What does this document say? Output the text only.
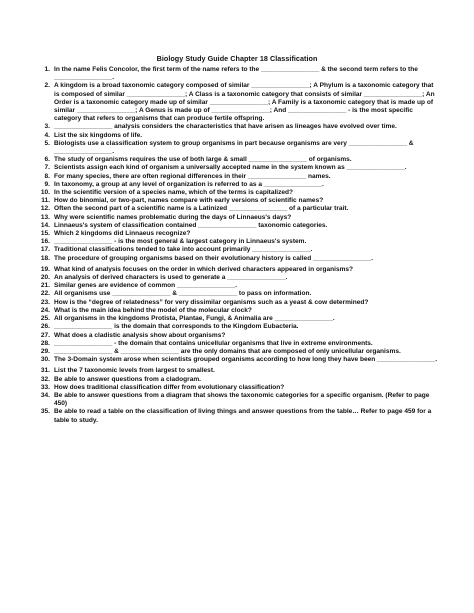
Biology Study Guide Chapter 18 Classification
1. In the name Felis Concolor, the first term of the name refers to the ________________ & the second term refers to the ________________.
2. A kingdom is a broad taxonomic category composed of similar ________________; A Phylum is a taxonomic category that is composed of similar ________________; A Class is a taxonomic category that consists of similar ________________; An Order is a taxonomic category made up of similar ________________; A Family is a taxonomic category that is made up of similar ________________; A Genus is made up of ________________; And ________________ - is the most specific category that refers to organisms that can produce fertile offspring.
3. ________________ analysis considers the characteristics that have arisen as lineages have evolved over time.
4. List the six kingdoms of life.
5. Biologists use a classification system to group organisms in part because organisms are very ________________ & ________________.
6. The study of organisms requires the use of both large & small ________________ of organisms.
7. Scientists assign each kind of organism a universally accepted name in the system known as ________________.
8. For many species, there are often regional differences in their ________________ names.
9. In taxonomy, a group at any level of organization is referred to as a ________________.
10. In the scientific version of a species name, which of the terms is capitalized?
11. How do binomial, or two-part, names compare with early versions of scientific names?
12. Often the second part of a scientific name is a Latinized ________________ of a particular trait.
13. Why were scientific names problematic during the days of Linnaeus's days?
14. Linnaeus's system of classification contained ________________ taxonomic categories.
15. Which 2 kingdoms did Linnaeus recognize?
16. ________________ - is the most general & largest category in Linnaeus's system.
17. Traditional classifications tended to take into account primarily ________________.
18. The procedure of grouping organisms based on their evolutionary history is called ________________.
19. What kind of analysis focuses on the order in which derived characters appeared in organisms?
20. An analysis of derived characters is used to generate a ________________.
21. Similar genes are evidence of common ________________.
22. All organisms use ________________ & ________________ to pass on information.
23. How is the “degree of relatedness” for very dissimilar organisms such as a yeast & cow determined?
24. What is the main idea behind the model of the molecular clock?
25. All organisms in the kingdoms Protista, Plantae, Fungi, & Animalia are ________________.
26. ________________ is the domain that corresponds to the Kingdom Eubacteria.
27. What does a cladistic analysis show about organisms?
28. ________________ - the domain that contains unicellular organisms that live in extreme environments.
29. ________________ & ________________ are the only domains that are composed of only unicellular organisms.
30. The 3-Domain system arose when scientists grouped organisms according to how long they have been ________________.
31. List the 7 taxonomic levels from largest to smallest.
32. Be able to answer questions from a cladogram.
33. How does traditional classification differ from evolutionary classification?
34. Be able to answer questions from a diagram that shows the taxonomic categories for a specific organism. (Refer to page 450)
35. Be able to read a table on the classification of living things and answer questions from the table… Refer to page 459 for a table to study.
